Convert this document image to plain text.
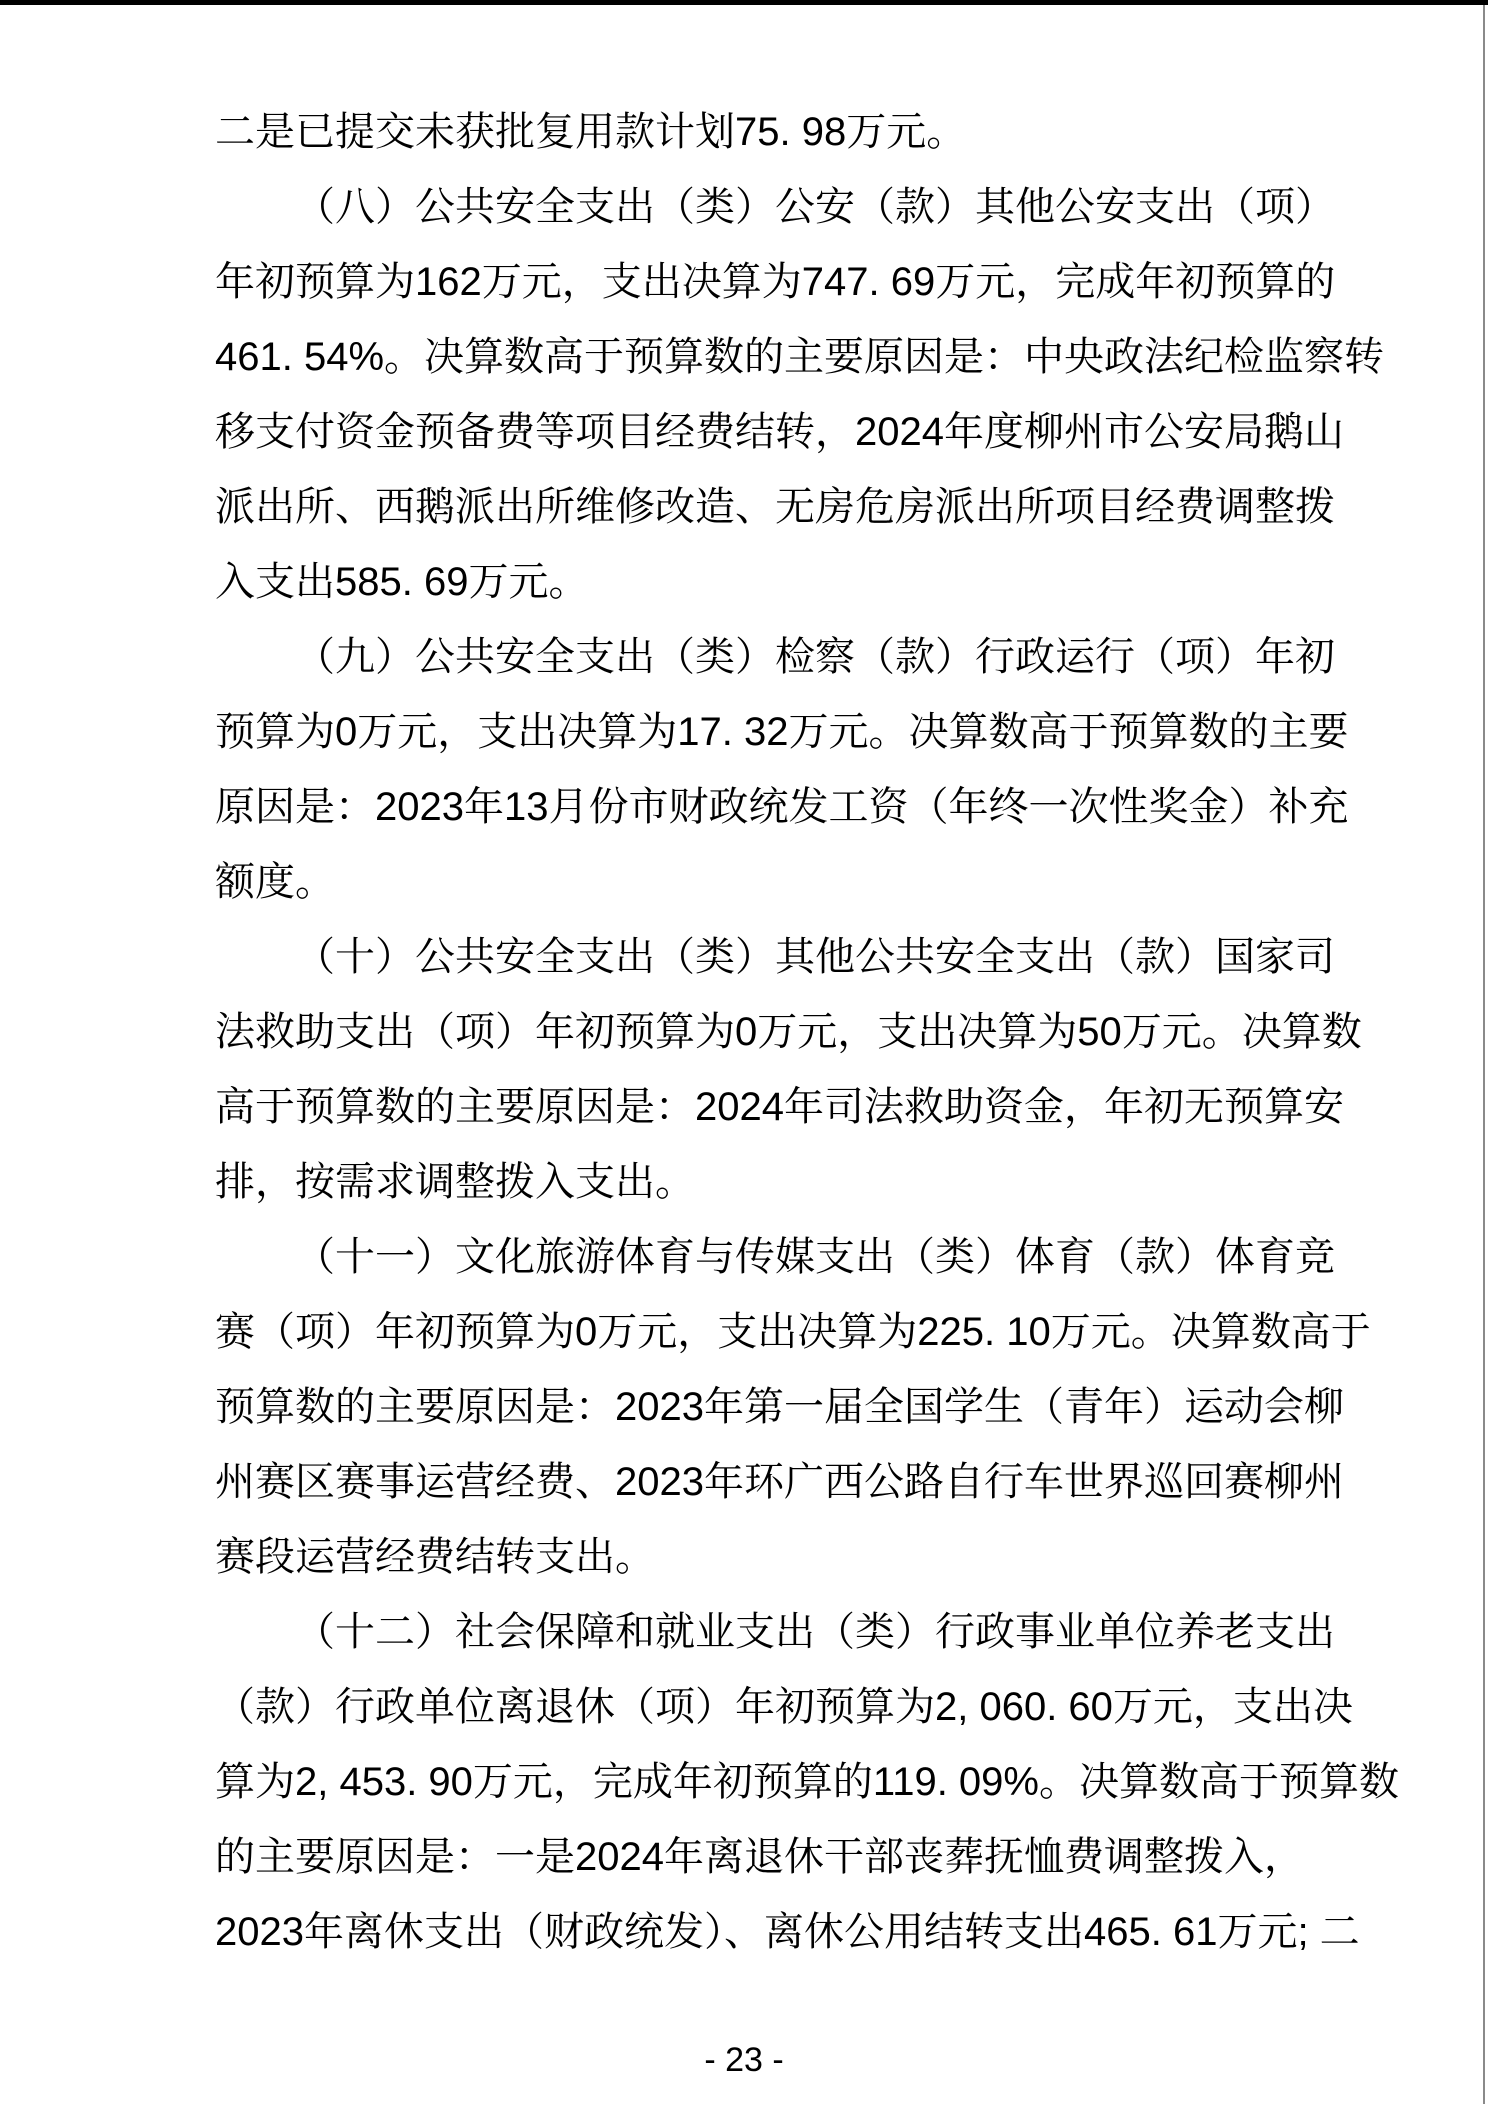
二是已提交未获批复用款计划75. 98万元。
（八）公共安全支出（类）公安（款）其他公安支出（项）
年初预算为162万元，支出决算为747. 69万元，完成年初预算的
461. 54%。决算数高于预算数的主要原因是：中央政法纪检监察转
移支付资金预备费等项目经费结转，2024年度柳州市公安局鹅山
派出所、西鹅派出所维修改造、无房危房派出所项目经费调整拨
入支出585. 69万元。
（九）公共安全支出（类）检察（款）行政运行（项）年初
预算为0万元，支出决算为17. 32万元。决算数高于预算数的主要
原因是：2023年13月份市财政统发工资（年终一次性奖金）补充
额度。
（十）公共安全支出（类）其他公共安全支出（款）国家司
法救助支出（项）年初预算为0万元，支出决算为50万元。决算数
高于预算数的主要原因是：2024年司法救助资金，年初无预算安
排，按需求调整拨入支出。
（十一）文化旅游体育与传媒支出（类）体育（款）体育竞
赛（项）年初预算为0万元，支出决算为225. 10万元。决算数高于
预算数的主要原因是：2023年第一届全国学生（青年）运动会柳
州赛区赛事运营经费、2023年环广西公路自行车世界巡回赛柳州
赛段运营经费结转支出。
（十二）社会保障和就业支出（类）行政事业单位养老支出
（款）行政单位离退休（项）年初预算为2, 060. 60万元，支出决
算为2, 453. 90万元，完成年初预算的119. 09%。决算数高于预算数
的主要原因是：一是2024年离退休干部丧葬抚恤费调整拨入，
2023年离休支出（财政统发）、离休公用结转支出465. 61万元; 二
- 23 -
